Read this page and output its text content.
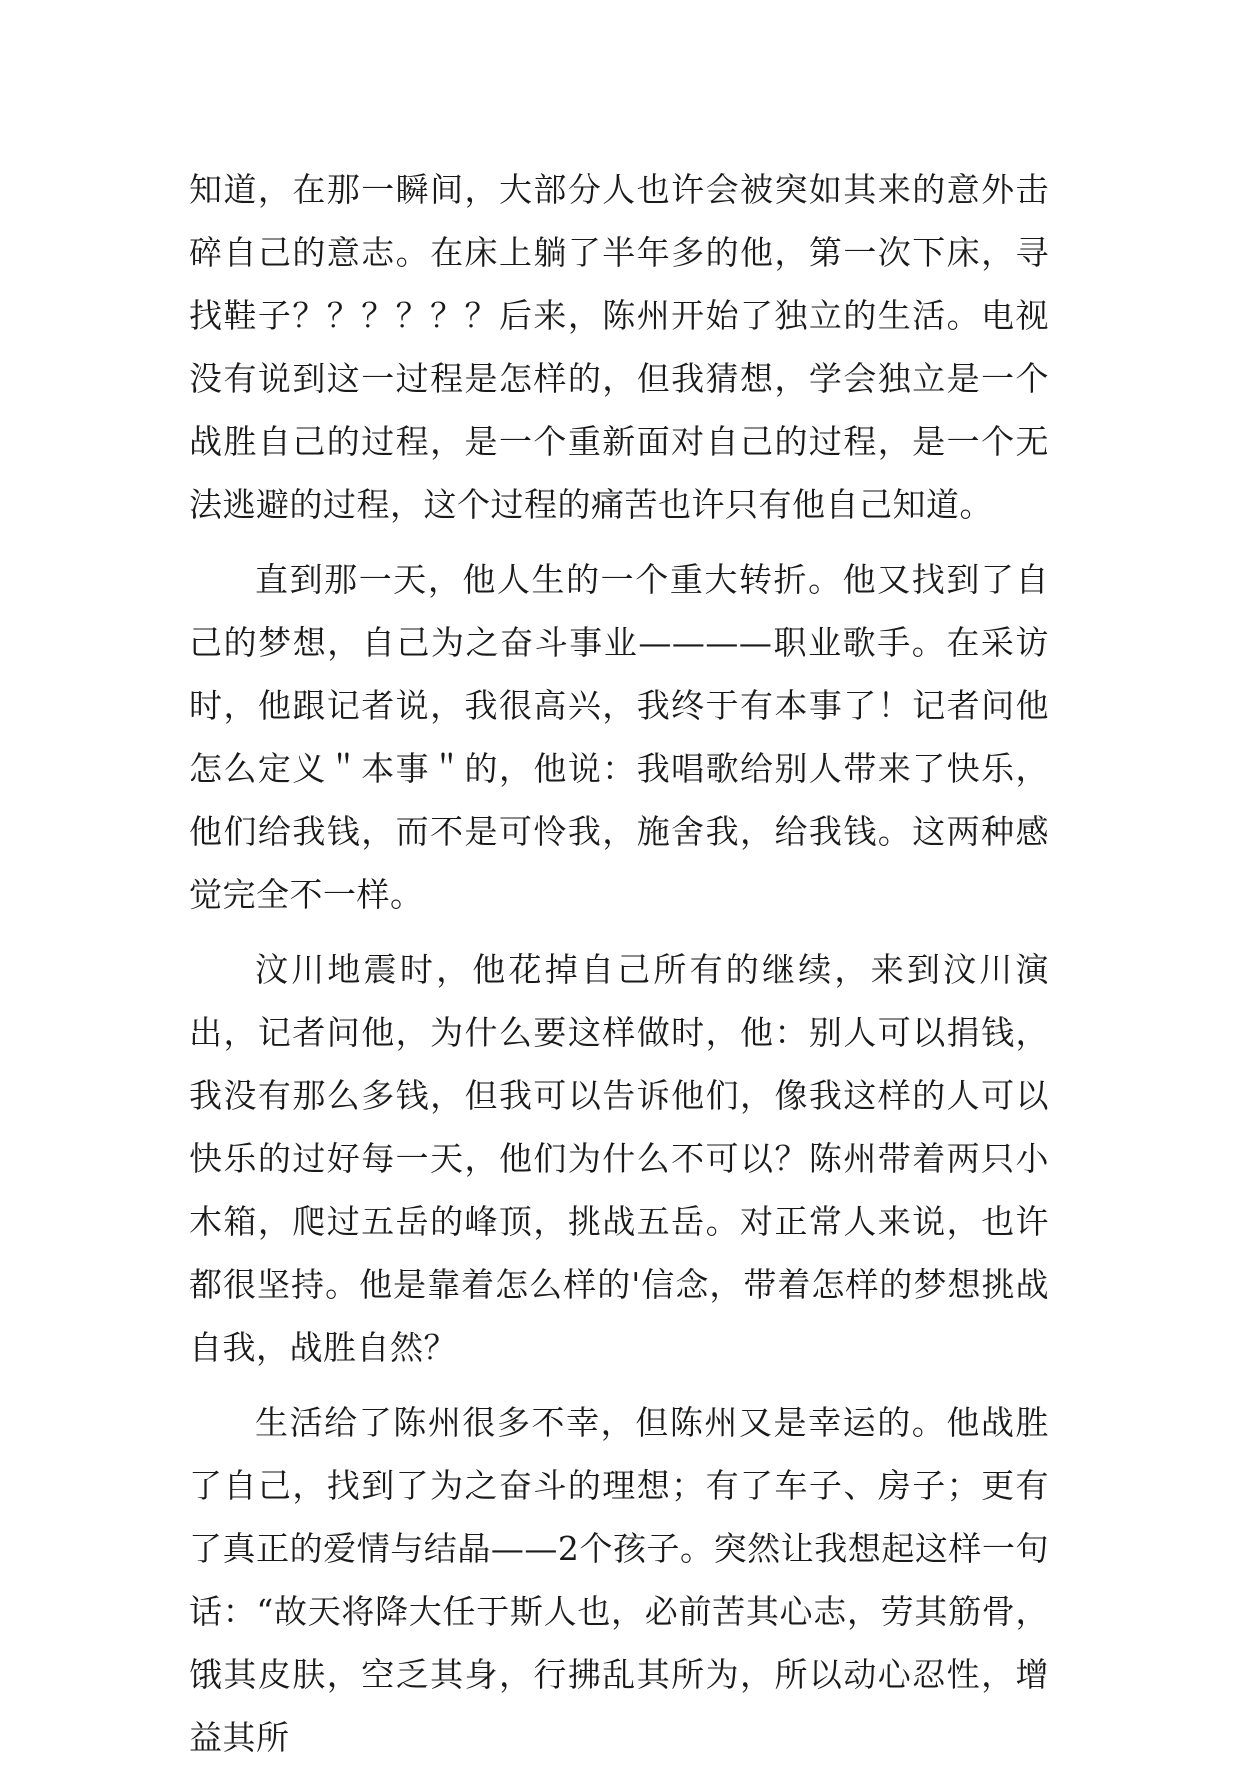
知道，在那一瞬间，大部分人也许会被突如其来的意外击碎自己的意志。在床上躺了半年多的他，第一次下床，寻找鞋子？？？？？？后来，陈州开始了独立的生活。电视没有说到这一过程是怎样的，但我猜想，学会独立是一个战胜自己的过程，是一个重新面对自己的过程，是一个无法逃避的过程，这个过程的痛苦也许只有他自己知道。

直到那一天，他人生的一个重大转折。他又找到了自己的梦想，自己为之奋斗事业————职业歌手。在采访时，他跟记者说，我很高兴，我终于有本事了！记者问他怎么定义＂本事＂的，他说：我唱歌给别人带来了快乐，他们给我钱，而不是可怜我，施舍我，给我钱。这两种感觉完全不一样。

汶川地震时，他花掉自己所有的继续，来到汶川演出，记者问他，为什么要这样做时，他：别人可以捐钱，我没有那么多钱，但我可以告诉他们，像我这样的人可以快乐的过好每一天，他们为什么不可以？陈州带着两只小木箱，爬过五岳的峰顶，挑战五岳。对正常人来说，也许都很坚持。他是靠着怎么样的'信念，带着怎样的梦想挑战自我，战胜自然？

生活给了陈州很多不幸，但陈州又是幸运的。他战胜了自己，找到了为之奋斗的理想；有了车子、房子；更有了真正的爱情与结晶——2个孩子。突然让我想起这样一句话：“故天将降大任于斯人也，必前苦其心志，劳其筋骨，饿其皮肤，空乏其身，行拂乱其所为，所以动心忍性，增益其所
